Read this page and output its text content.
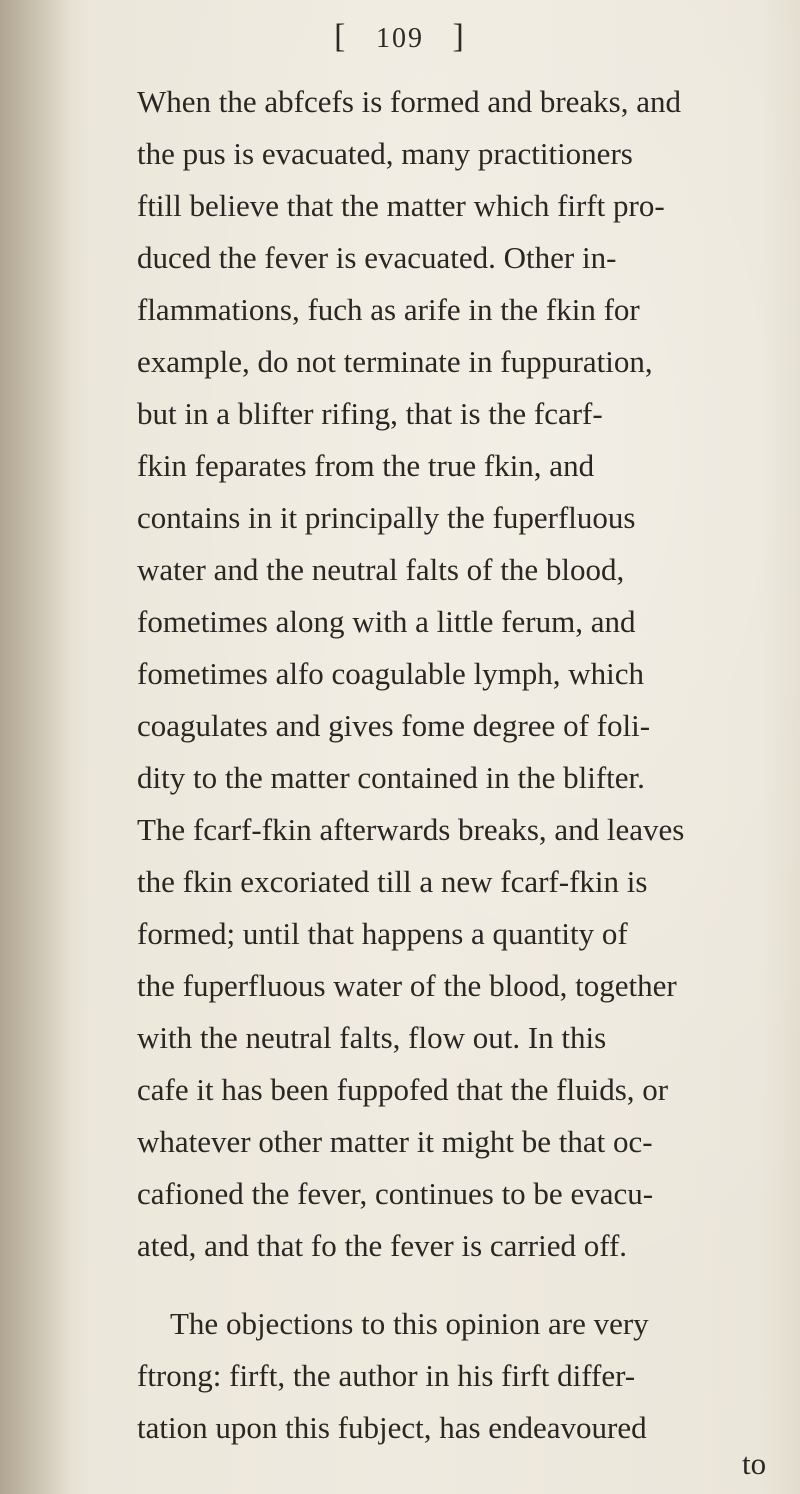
[ 109 ]
When the abfcefs is formed and breaks, and
the pus is evacuated, many practitioners
ftill believe that the matter which firft pro-
duced the fever is evacuated. Other in-
flammations, fuch as arife in the fkin for
example, do not terminate in fuppuration,
but in a blifter rifing, that is the fcarf-
fkin feparates from the true fkin, and
contains in it principally the fuperfluous
water and the neutral falts of the blood,
fometimes along with a little ferum, and
fometimes alfo coagulable lymph, which
coagulates and gives fome degree of foli-
dity to the matter contained in the blifter.
The fcarf-fkin afterwards breaks, and leaves
the fkin excoriated till a new fcarf-fkin is
formed; until that happens a quantity of
the fuperfluous water of the blood, together
with the neutral falts, flow out. In this
cafe it has been fuppofed that the fluids, or
whatever other matter it might be that oc-
cafioned the fever, continues to be evacu-
ated, and that fo the fever is carried off.
The objections to this opinion are very
ftrong: firft, the author in his firft differ-
tation upon this fubject, has endeavoured
to
